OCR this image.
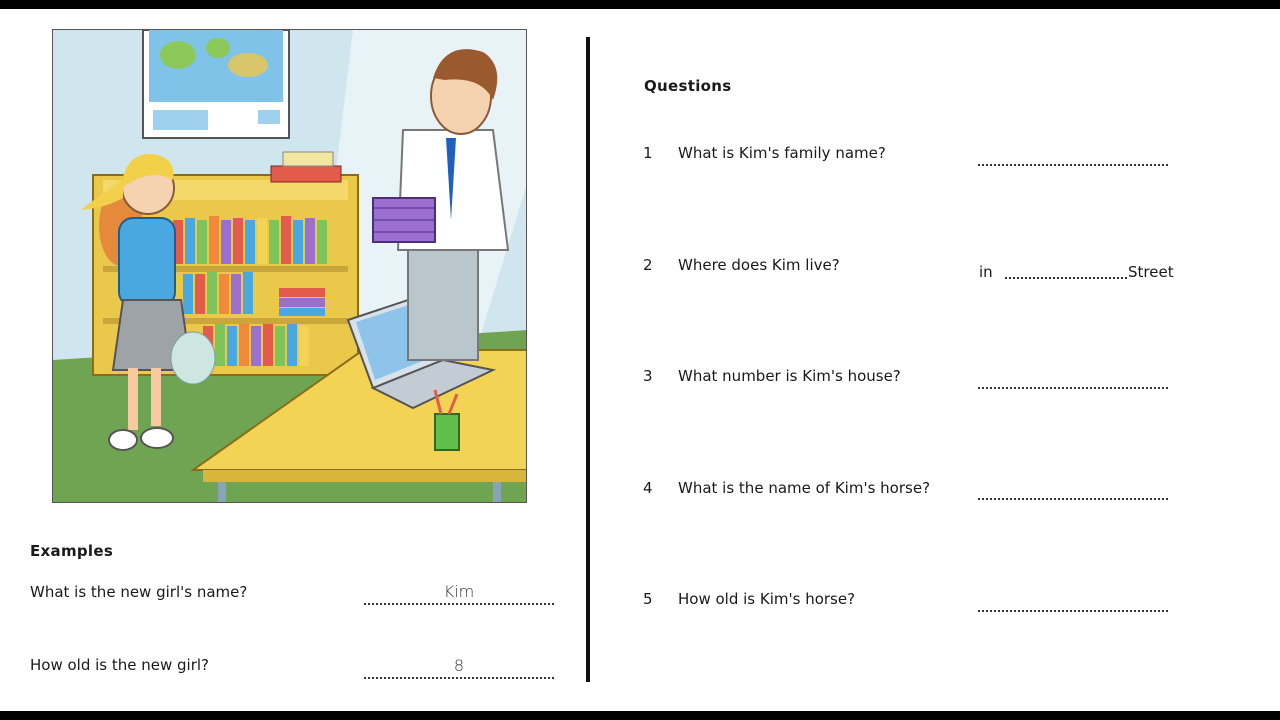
Examples
What is the new girl's name?	Kim
How old is the new girl?	8
Questions
1 What is Kim's family name?
2 Where does Kim live?	in	Street
3 What number is Kim's house?
4 What is the name of Kim's horse?
5 How old is Kim's horse?
